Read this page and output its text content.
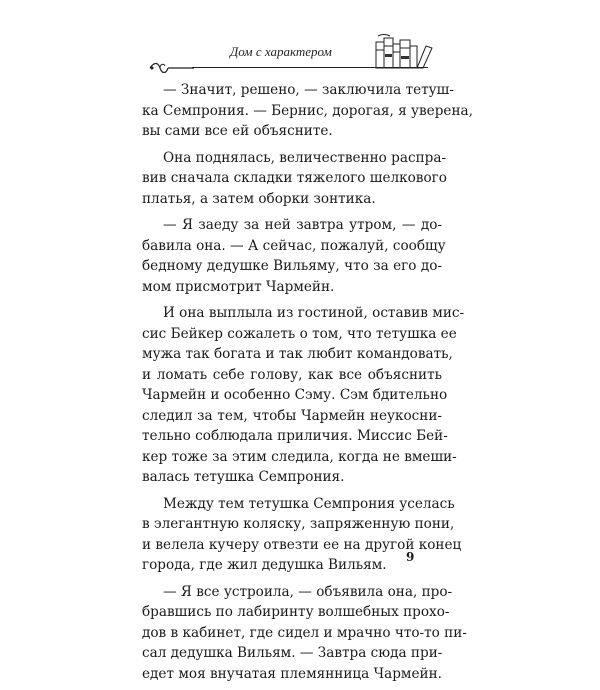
Дом с характером
— Значит, решено, — заключила тетуш-
ка Семпрония. — Бернис, дорогая, я уверена,
вы сами все ей объясните.
Она поднялась, величественно распра-
вив сначала складки тяжелого шелкового
платья, а затем оборки зонтика.
— Я заеду за ней завтра утром, — до-
бавила она. — А сейчас, пожалуй, сообщу
бедному дедушке Вильяму, что за его до-
мом присмотрит Чармейн.
И она выплыла из гостиной, оставив мис-
сис Бейкер сожалеть о том, что тетушка ее
мужа так богата и так любит командовать,
и ломать себе голову, как все объяснить
Чармейн и особенно Сэму. Сэм бдительно
следил за тем, чтобы Чармейн неукосни-
тельно соблюдала приличия. Миссис Бей-
кер тоже за этим следила, когда не вмеши-
валась тетушка Семпрония.
Между тем тетушка Семпрония уселась
в элегантную коляску, запряженную пони,
и велела кучеру отвезти ее на другой конец
города, где жил дедушка Вильям.
— Я все устроила, — объявила она, про-
бравшись по лабиринту волшебных прохо-
дов в кабинет, где сидел и мрачно что-то пи-
сал дедушка Вильям. — Завтра сюда при-
едет моя внучатая племянница Чармейн.
9
